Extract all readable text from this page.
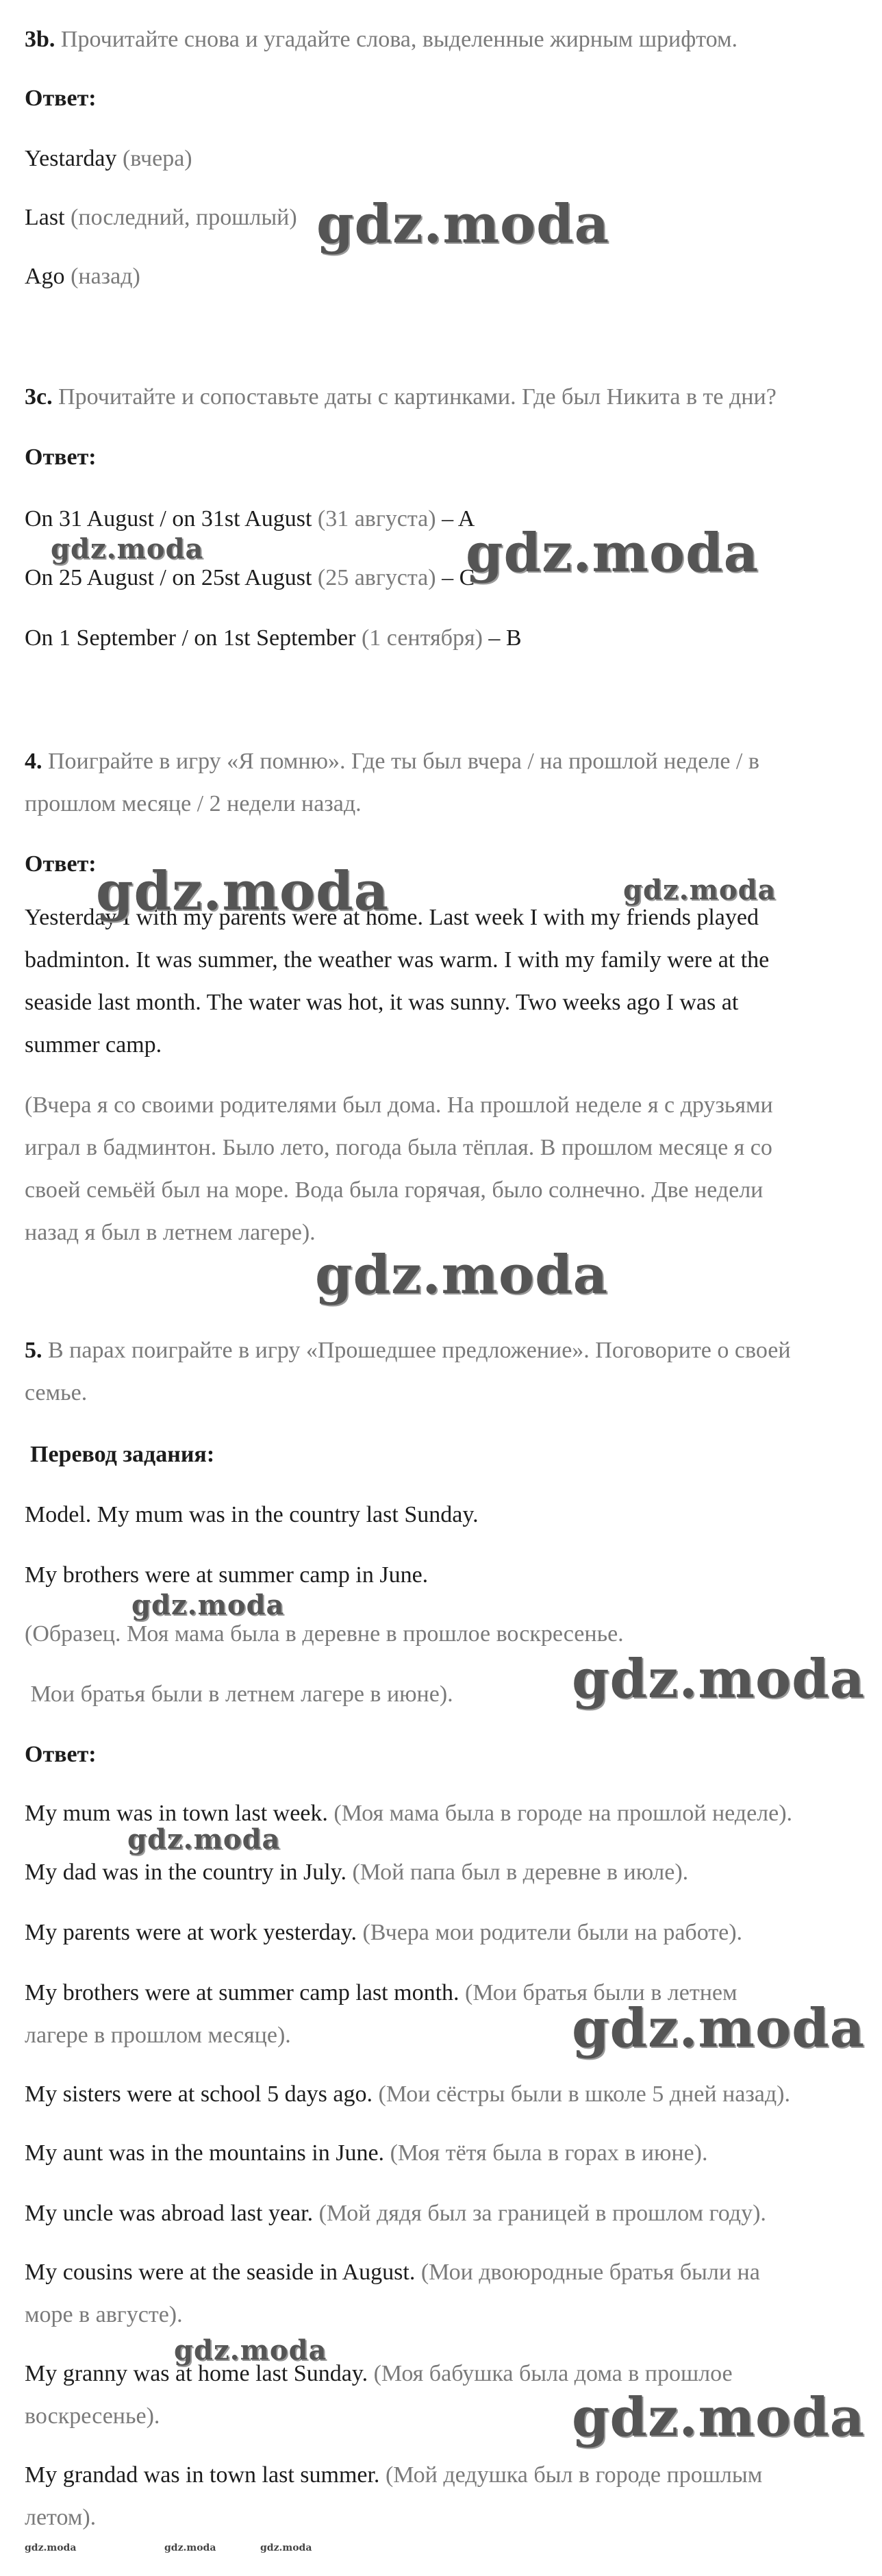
3b. Прочитайте снова и угадайте слова, выделенные жирным шрифтом.
Ответ:
Yestarday (вчера)
Last (последний, прошлый)
Ago (назад)
3c. Прочитайте и сопоставьте даты с картинками. Где был Никита в те дни?
Ответ:
On 31 August / on 31st August (31 августа) – A
On 25 August / on 25st August (25 августа) – C
On 1 September / on 1st September (1 сентября) – B
4. Поиграйте в игру «Я помню». Где ты был вчера / на прошлой неделе / в
прошлом месяце / 2 недели назад.
Ответ:
Yesterday I with my parents were at home. Last week I with my friends played
badminton. It was summer, the weather was warm. I with my family were at the
seaside last month. The water was hot, it was sunny. Two weeks ago I was at
summer camp.
(Вчера я со своими родителями был дома. На прошлой неделе я с друзьями
играл в бадминтон. Было лето, погода была тёплая. В прошлом месяце я со
своей семьёй был на море. Вода была горячая, было солнечно. Две недели
назад я был в летнем лагере).
5. В парах поиграйте в игру «Прошедшее предложение». Поговорите о своей
семье.
Перевод задания:
Model. My mum was in the country last Sunday.
My brothers were at summer camp in June.
(Образец. Моя мама была в деревне в прошлое воскресенье.
Мои братья были в летнем лагере в июне).
Ответ:
My mum was in town last week. (Моя мама была в городе на прошлой неделе).
My dad was in the country in July. (Мой папа был в деревне в июле).
My parents were at work yesterday. (Вчера мои родители были на работе).
My brothers were at summer camp last month. (Мои братья были в летнем
лагере в прошлом месяце).
My sisters were at school 5 days ago. (Мои сёстры были в школе 5 дней назад).
My aunt was in the mountains in June. (Моя тётя была в горах в июне).
My uncle was abroad last year. (Мой дядя был за границей в прошлом году).
My cousins were at the seaside in August. (Мои двоюродные братья были на
море в августе).
My granny was at home last Sunday. (Моя бабушка была дома в прошлое
воскресенье).
My grandad was in town last summer. (Мой дедушка был в городе прошлым
летом).
gdz.moda
gdz.moda	gdz.moda
gdz.moda	gdz.moda
gdz.moda
gdz.moda
gdz.moda
gdz.moda
gdz.moda
gdz.moda
gdz.moda
gdz.moda	gdz.moda	gdz.moda
